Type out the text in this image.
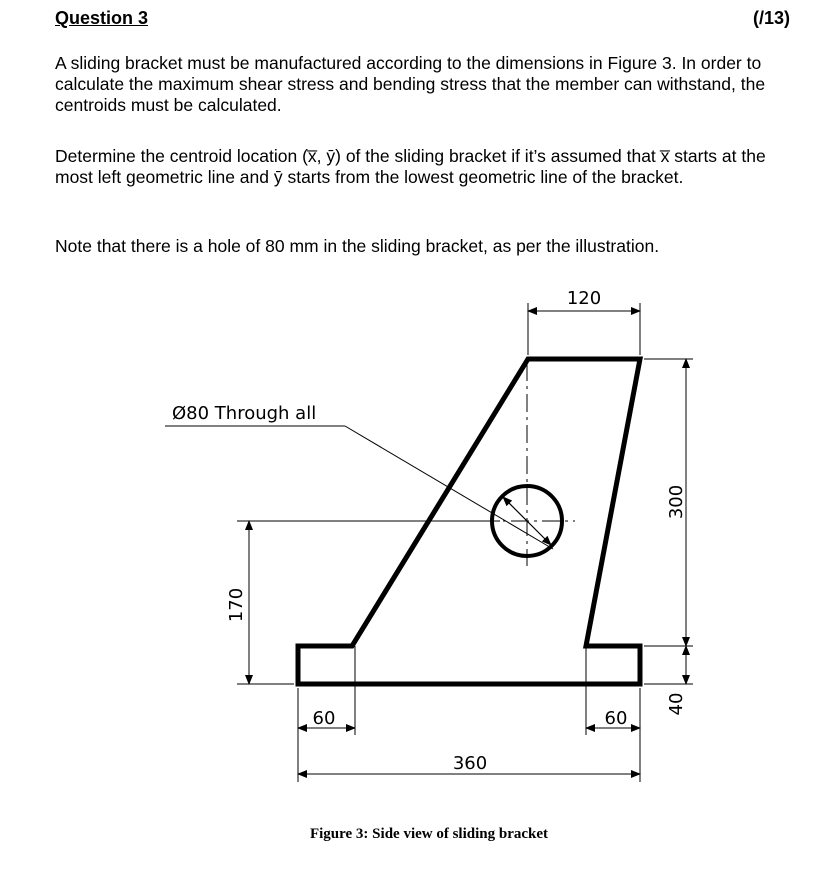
Question 3	(/13)

A sliding bracket must be manufactured according to the dimensions in Figure 3. In order to calculate the maximum shear stress and bending stress that the member can withstand, the centroids must be calculated.

Determine the centroid location (x̅, ȳ) of the sliding bracket if it’s assumed that x̅ starts at the most left geometric line and ȳ starts from the lowest geometric line of the bracket.

Note that there is a hole of 80 mm in the sliding bracket, as per the illustration.

Ø80 Through all
120
300
40
170
60	60
360
Figure 3: Side view of sliding bracket
